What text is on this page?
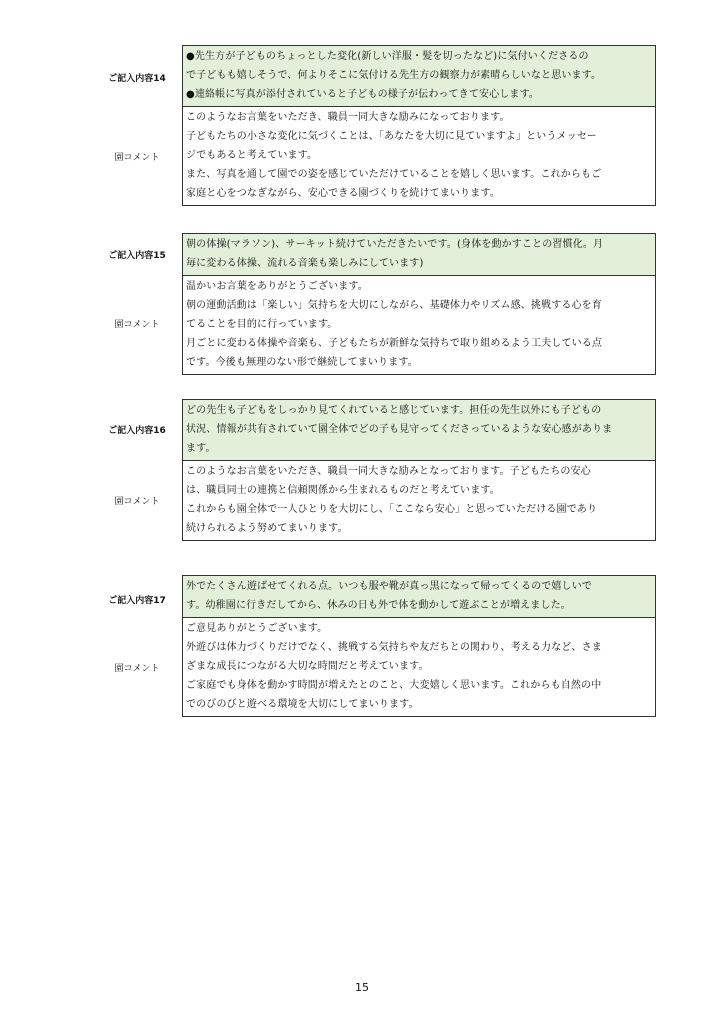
ご記入内容14
●先生方が子どものちょっとした変化(新しい洋服・髪を切ったなど)に気付いくださるの
で子どもも嬉しそうで、何よりそこに気付ける先生方の観察力が素晴らしいなと思います。
●連絡帳に写真が添付されていると子どもの様子が伝わってきて安心します。
園コメント
このようなお言葉をいただき、職員一同大きな励みになっております。
子どもたちの小さな変化に気づくことは、「あなたを大切に見ていますよ」というメッセー
ジでもあると考えています。
また、写真を通して園での姿を感じていただけていることを嬉しく思います。これからもご
家庭と心をつなぎながら、安心できる園づくりを続けてまいります。
ご記入内容15
朝の体操(マラソン)、サーキット続けていただきたいです。(身体を動かすことの習慣化。月
毎に変わる体操、流れる音楽も楽しみにしています)
園コメント
温かいお言葉をありがとうございます。
朝の運動活動は「楽しい」気持ちを大切にしながら、基礎体力やリズム感、挑戦する心を育
てることを目的に行っています。
月ごとに変わる体操や音楽も、子どもたちが新鮮な気持ちで取り組めるよう工夫している点
です。今後も無理のない形で継続してまいります。
ご記入内容16
どの先生も子どもをしっかり見てくれていると感じています。担任の先生以外にも子どもの
状況、情報が共有されていて園全体でどの子も見守ってくださっているような安心感がありま
ます。
園コメント
このようなお言葉をいただき、職員一同大きな励みとなっております。子どもたちの安心
は、職員同士の連携と信頼関係から生まれるものだと考えています。
これからも園全体で一人ひとりを大切にし、「ここなら安心」と思っていただける園であり
続けられるよう努めてまいります。
ご記入内容17
外でたくさん遊ばせてくれる点。いつも服や靴が真っ黒になって帰ってくるので嬉しいで
す。幼稚園に行きだしてから、休みの日も外で体を動かして遊ぶことが増えました。
園コメント
ご意見ありがとうございます。
外遊びは体力づくりだけでなく、挑戦する気持ちや友だちとの関わり、考える力など、さま
ざまな成長につながる大切な時間だと考えています。
ご家庭でも身体を動かす時間が増えたとのこと、大変嬉しく思います。これからも自然の中
でのびのびと遊べる環境を大切にしてまいります。
15
